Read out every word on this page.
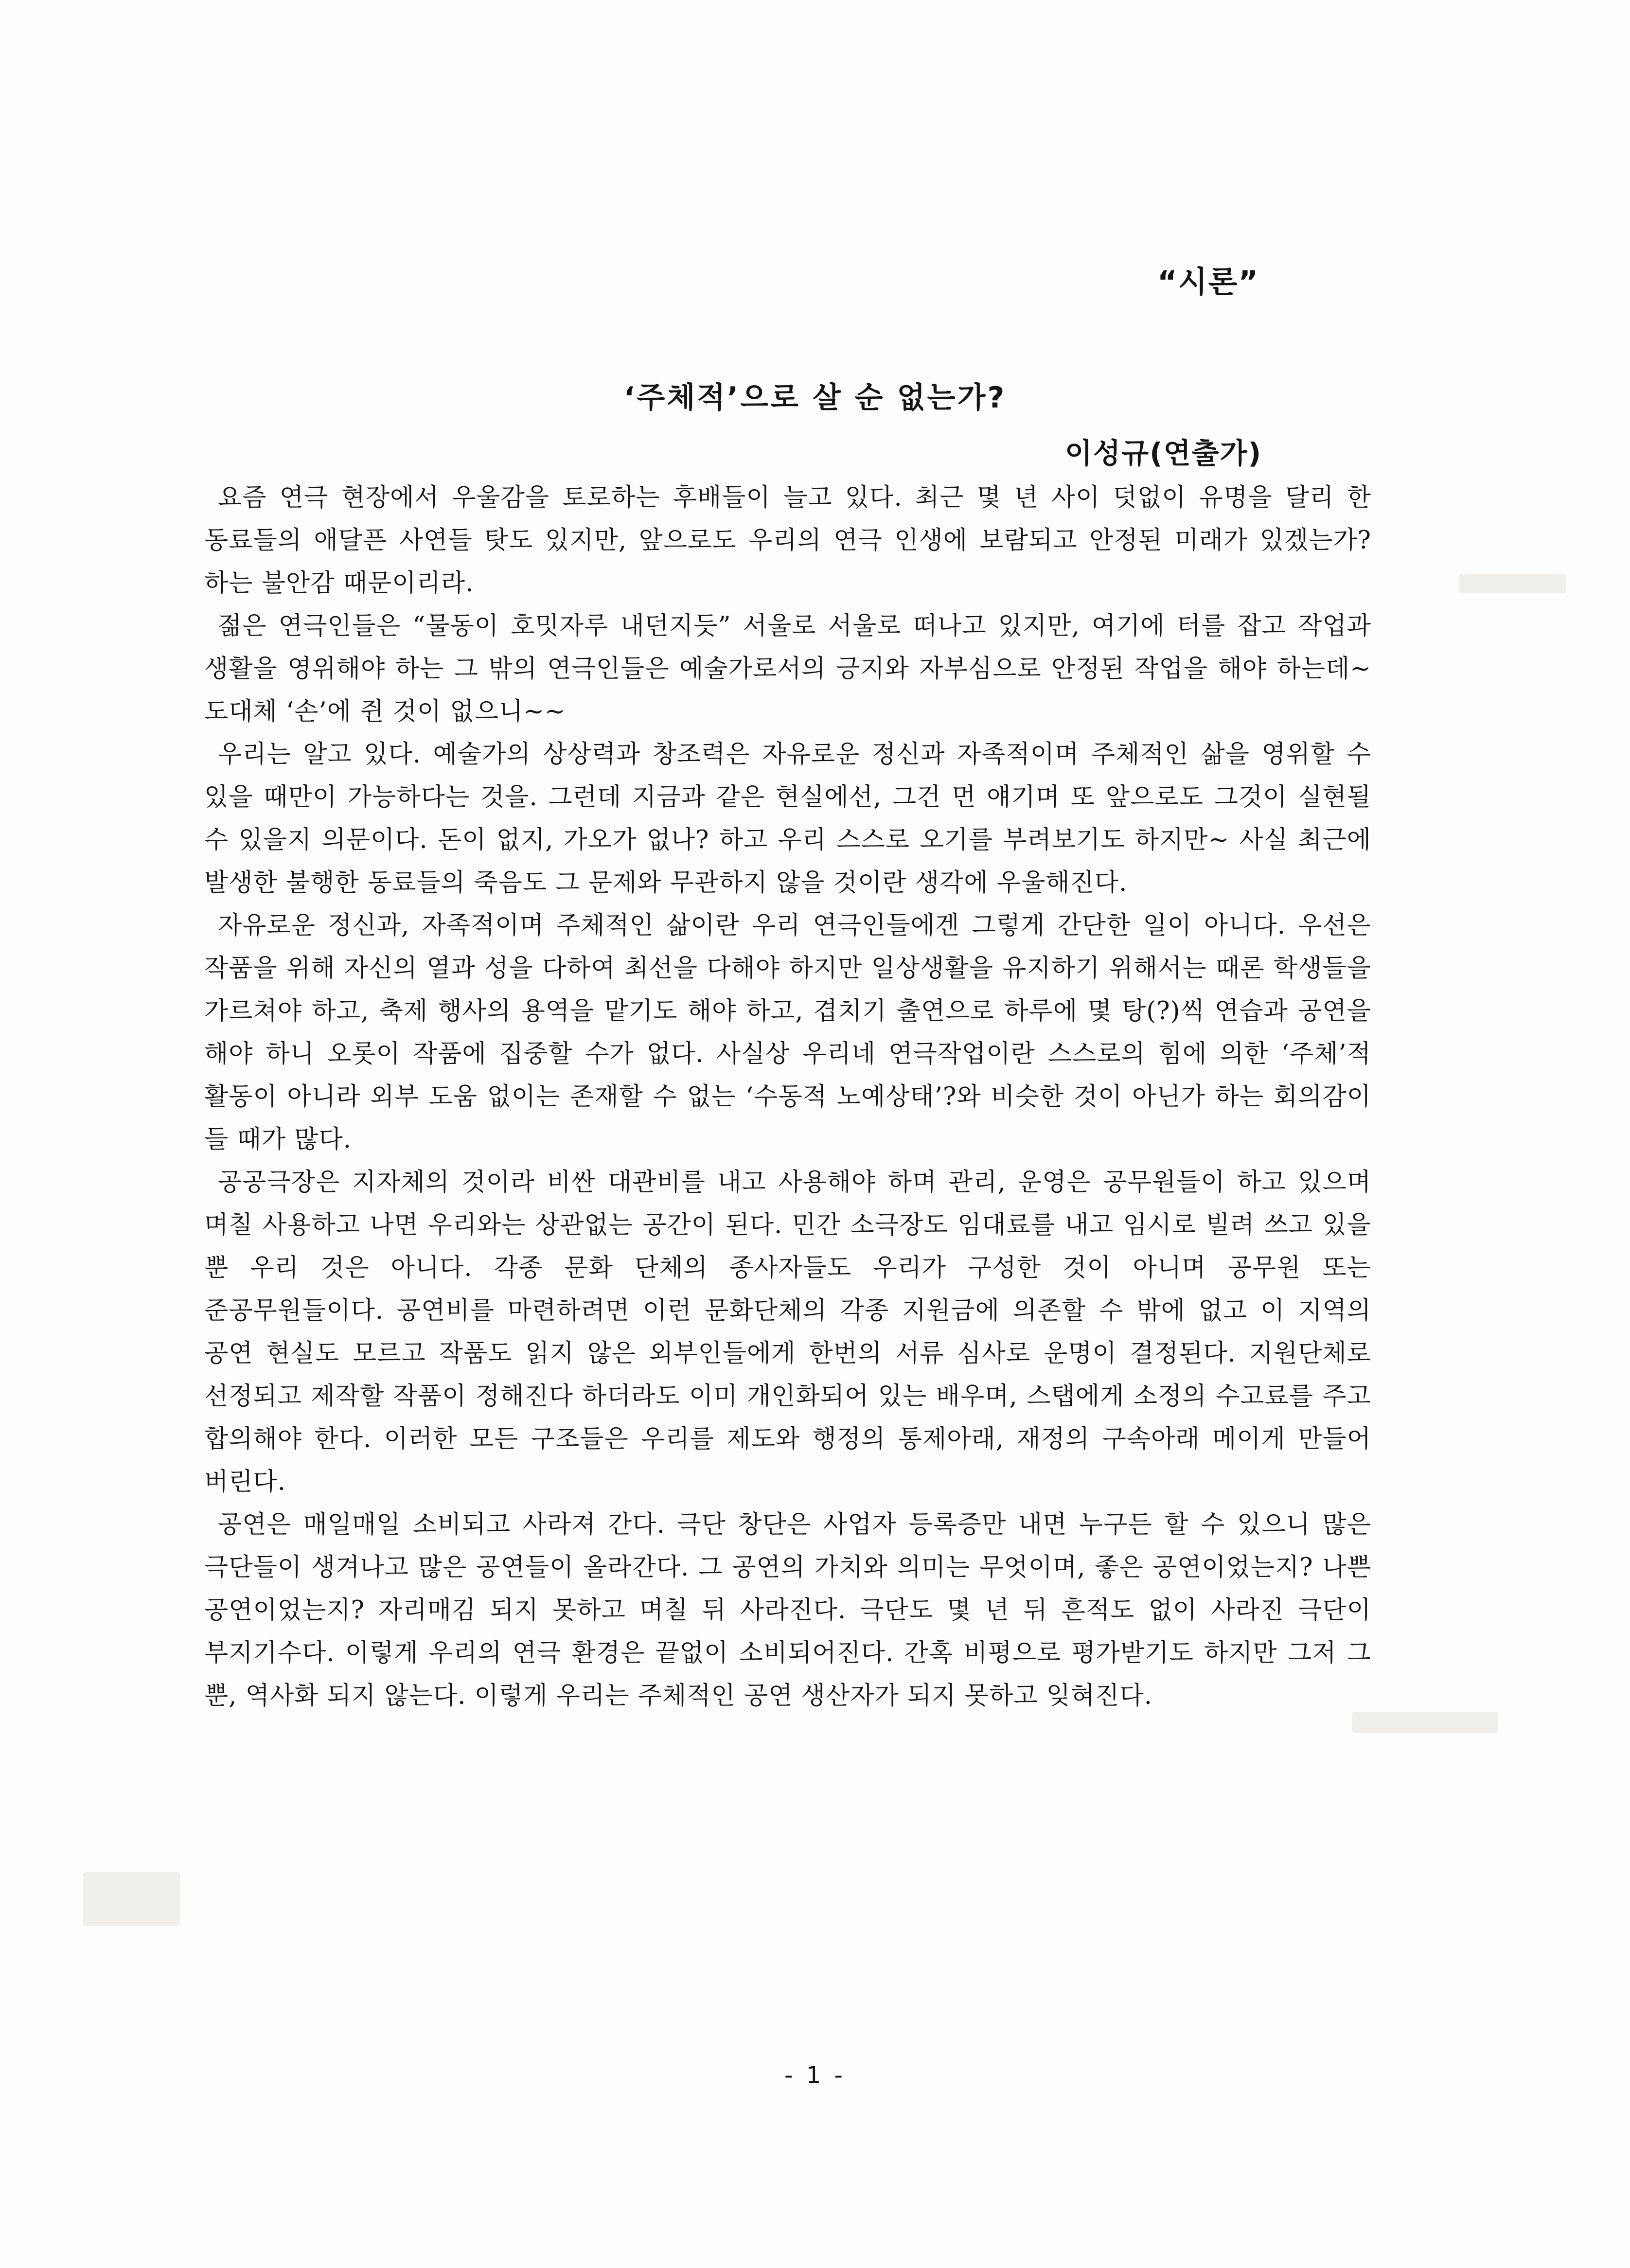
“시론”
‘주체적’으로 살 순 없는가?
이성규(연출가)

요즘 연극 현장에서 우울감을 토로하는 후배들이 늘고 있다. 최근 몇 년 사이 덧없이 유명을 달리 한 동료들의 애달픈 사연들 탓도 있지만, 앞으로도 우리의 연극 인생에 보람되고 안정된 미래가 있겠는가? 하는 불안감 때문이리라.

젊은 연극인들은 “물동이 호밋자루 내던지듯” 서울로 서울로 떠나고 있지만, 여기에 터를 잡고 작업과 생활을 영위해야 하는 그 밖의 연극인들은 예술가로서의 긍지와 자부심으로 안정된 작업을 해야 하는데~ 도대체 ‘손’에 쥔 것이 없으니~~

우리는 알고 있다. 예술가의 상상력과 창조력은 자유로운 정신과 자족적이며 주체적인 삶을 영위할 수 있을 때만이 가능하다는 것을. 그런데 지금과 같은 현실에선, 그건 먼 얘기며 또 앞으로도 그것이 실현될 수 있을지 의문이다. 돈이 없지, 가오가 없나? 하고 우리 스스로 오기를 부려보기도 하지만~ 사실 최근에 발생한 불행한 동료들의 죽음도 그 문제와 무관하지 않을 것이란 생각에 우울해진다.

자유로운 정신과, 자족적이며 주체적인 삶이란 우리 연극인들에겐 그렇게 간단한 일이 아니다. 우선은 작품을 위해 자신의 열과 성을 다하여 최선을 다해야 하지만 일상생활을 유지하기 위해서는 때론 학생들을 가르쳐야 하고, 축제 행사의 용역을 맡기도 해야 하고, 겹치기 출연으로 하루에 몇 탕(?)씩 연습과 공연을 해야 하니 오롯이 작품에 집중할 수가 없다. 사실상 우리네 연극작업이란 스스로의 힘에 의한 ‘주체’적 활동이 아니라 외부 도움 없이는 존재할 수 없는 ‘수동적 노예상태’?와 비슷한 것이 아닌가 하는 회의감이 들 때가 많다.

공공극장은 지자체의 것이라 비싼 대관비를 내고 사용해야 하며 관리, 운영은 공무원들이 하고 있으며 며칠 사용하고 나면 우리와는 상관없는 공간이 된다. 민간 소극장도 임대료를 내고 임시로 빌려 쓰고 있을 뿐 우리 것은 아니다. 각종 문화 단체의 종사자들도 우리가 구성한 것이 아니며 공무원 또는 준공무원들이다. 공연비를 마련하려면 이런 문화단체의 각종 지원금에 의존할 수 밖에 없고 이 지역의 공연 현실도 모르고 작품도 읽지 않은 외부인들에게 한번의 서류 심사로 운명이 결정된다. 지원단체로 선정되고 제작할 작품이 정해진다 하더라도 이미 개인화되어 있는 배우며, 스탭에게 소정의 수고료를 주고 합의해야 한다. 이러한 모든 구조들은 우리를 제도와 행정의 통제아래, 재정의 구속아래 메이게 만들어 버린다.

공연은 매일매일 소비되고 사라져 간다. 극단 창단은 사업자 등록증만 내면 누구든 할 수 있으니 많은 극단들이 생겨나고 많은 공연들이 올라간다. 그 공연의 가치와 의미는 무엇이며, 좋은 공연이었는지? 나쁜 공연이었는지? 자리매김 되지 못하고 며칠 뒤 사라진다. 극단도 몇 년 뒤 흔적도 없이 사라진 극단이 부지기수다. 이렇게 우리의 연극 환경은 끝없이 소비되어진다. 간혹 비평으로 평가받기도 하지만 그저 그 뿐, 역사화 되지 않는다. 이렇게 우리는 주체적인 공연 생산자가 되지 못하고 잊혀진다.

- 1 -
